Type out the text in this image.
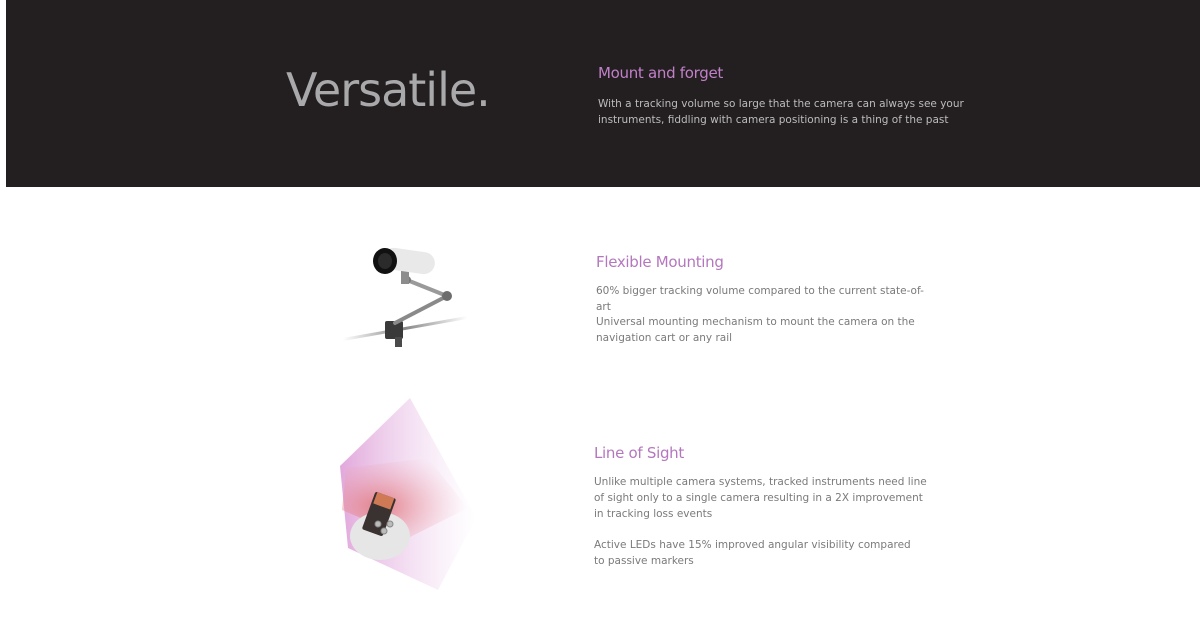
Versatile.	Mount and forget

With a tracking volume so large that the camera can always see your instruments, fiddling with camera positioning is a thing of the past

Flexible Mounting

60% bigger tracking volume compared to the current state-of-art

Universal mounting mechanism to mount the camera on the navigation cart or any rail

Line of Sight

Unlike multiple camera systems, tracked instruments need line of sight only to a single camera resulting in a 2X improvement in tracking loss events

Active LEDs have 15% improved angular visibility compared to passive markers
